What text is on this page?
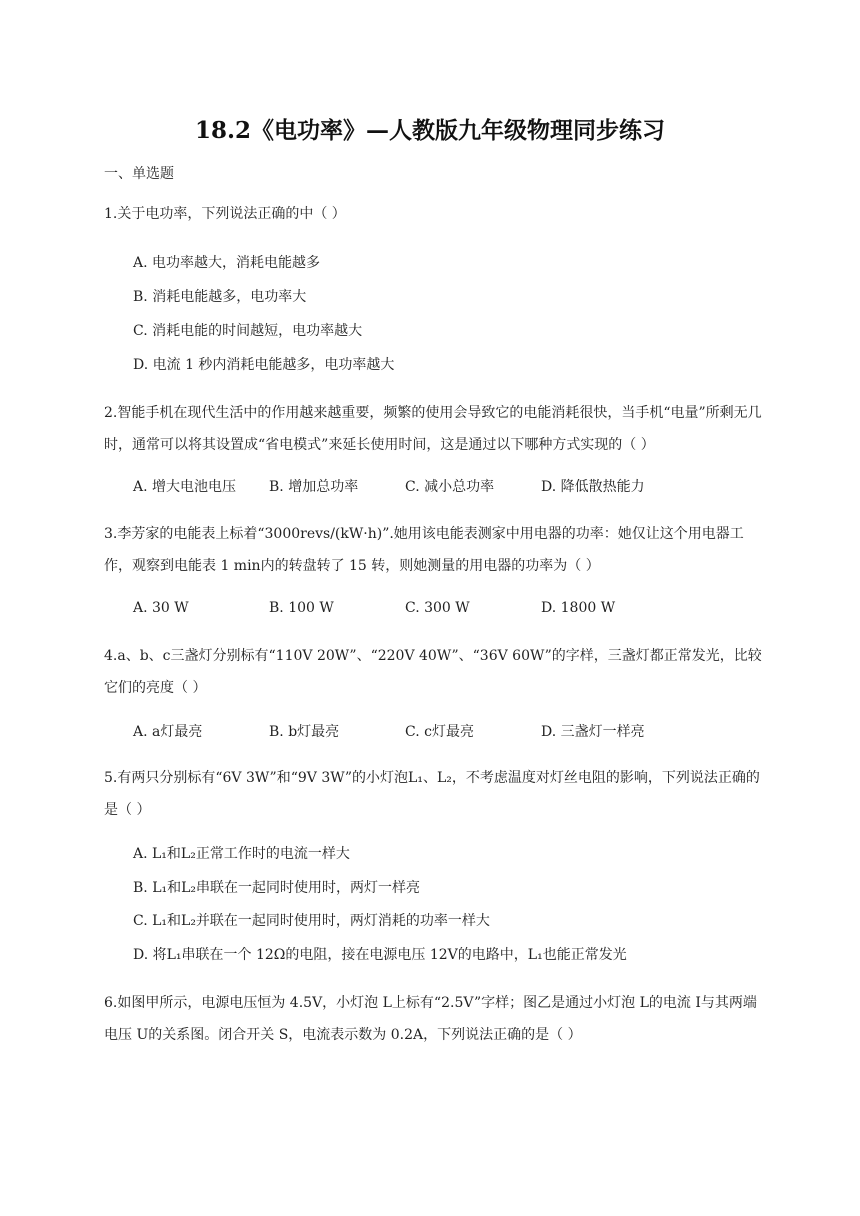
18.2《电功率》—人教版九年级物理同步练习
一、单选题
1.关于电功率，下列说法正确的中（ ）
A. 电功率越大，消耗电能越多
B. 消耗电能越多，电功率大
C. 消耗电能的时间越短，电功率越大
D. 电流 1 秒内消耗电能越多，电功率越大
2.智能手机在现代生活中的作用越来越重要，频繁的使用会导致它的电能消耗很快，当手机“电量”所剩无几时，通常可以将其设置成“省电模式”来延长使用时间，这是通过以下哪种方式实现的（ ）
A. 增大电池电压 B. 增加总功率	C. 减小总功率	D. 降低散热能力
3.李芳家的电能表上标着“3000revs/(kW·h)”.她用该电能表测家中用电器的功率：她仅让这个用电器工作，观察到电能表 1 min内的转盘转了 15 转，则她测量的用电器的功率为（ ）
A. 30 W	B. 100 W	C. 300 W	D. 1800 W
4.a、b、c三盏灯分别标有“110V 20W”、“220V 40W”、“36V 60W”的字样，三盏灯都正常发光，比较它们的亮度（ ）
A. a灯最亮	B. b灯最亮	C. c灯最亮	D. 三盏灯一样亮
5.有两只分别标有“6V 3W”和“9V 3W”的小灯泡L₁、L₂，不考虑温度对灯丝电阻的影响，下列说法正确的是（ ）
A. L₁和L₂正常工作时的电流一样大
B. L₁和L₂串联在一起同时使用时，两灯一样亮
C. L₁和L₂并联在一起同时使用时，两灯消耗的功率一样大
D. 将L₁串联在一个 12Ω的电阻，接在电源电压 12V的电路中，L₁也能正常发光
6.如图甲所示，电源电压恒为 4.5V，小灯泡 L上标有“2.5V”字样；图乙是通过小灯泡 L的电流 I与其两端电压 U的关系图。闭合开关 S，电流表示数为 0.2A，下列说法正确的是（ ）
